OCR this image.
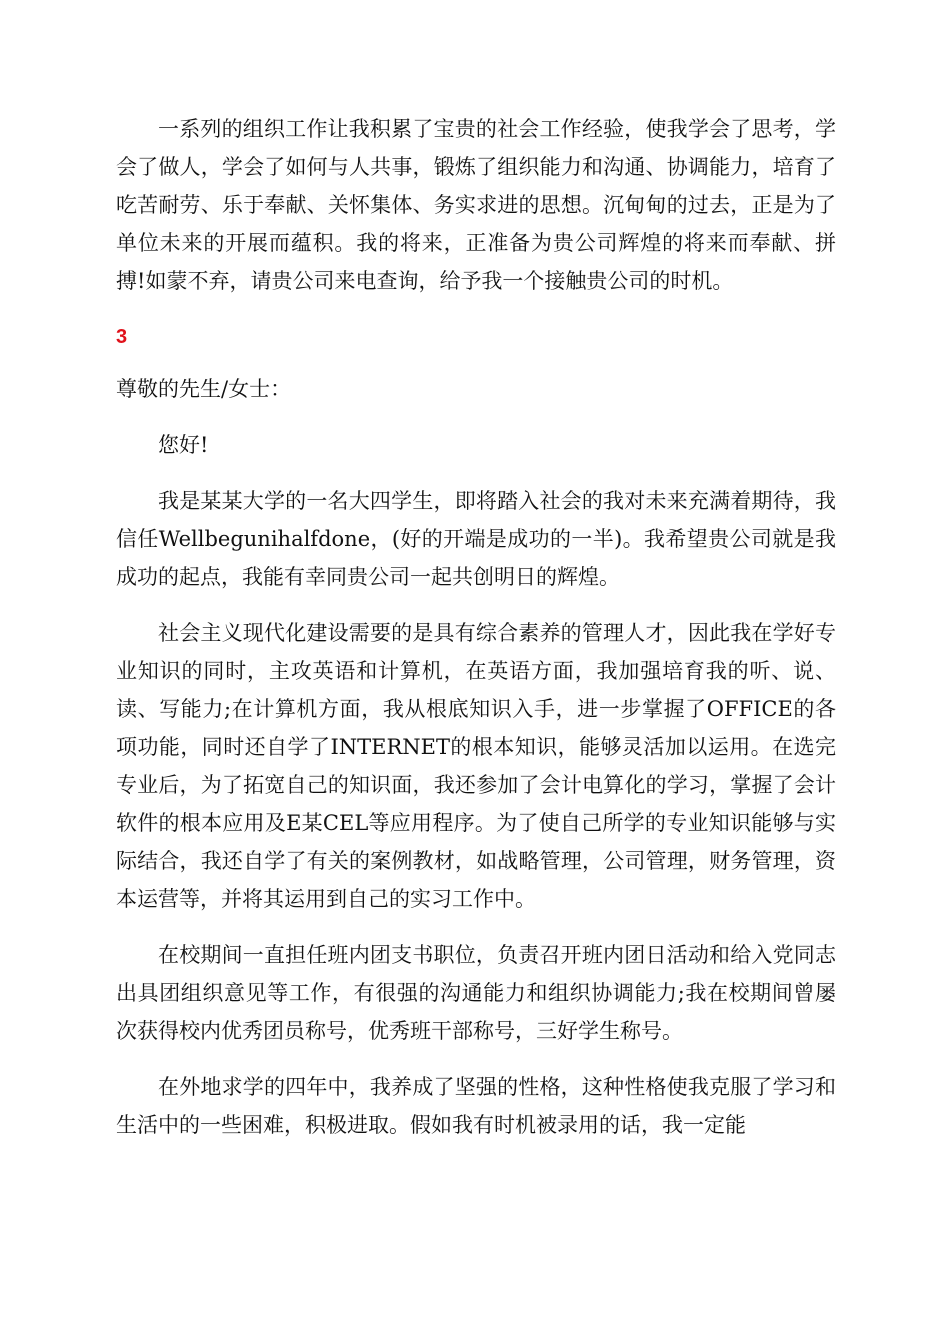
一系列的组织工作让我积累了宝贵的社会工作经验，使我学会了思考，学会了做人，学会了如何与人共事，锻炼了组织能力和沟通、协调能力，培育了吃苦耐劳、乐于奉献、关怀集体、务实求进的思想。沉甸甸的过去，正是为了单位未来的开展而蕴积。我的将来，正准备为贵公司辉煌的将来而奉献、拼搏!如蒙不弃，请贵公司来电查询，给予我一个接触贵公司的时机。

3

尊敬的先生/女士：

您好!

我是某某大学的一名大四学生，即将踏入社会的我对未来充满着期待，我信任Wellbegunihalfdone，(好的开端是成功的一半)。我希望贵公司就是我成功的起点，我能有幸同贵公司一起共创明日的辉煌。

社会主义现代化建设需要的是具有综合素养的管理人才，因此我在学好专业知识的同时，主攻英语和计算机，在英语方面，我加强培育我的听、说、读、写能力;在计算机方面，我从根底知识入手，进一步掌握了OFFICE的各项功能，同时还自学了INTERNET的根本知识，能够灵活加以运用。在选完专业后，为了拓宽自己的知识面，我还参加了会计电算化的学习，掌握了会计软件的根本应用及E某CEL等应用程序。为了使自己所学的专业知识能够与实际结合，我还自学了有关的案例教材，如战略管理，公司管理，财务管理，资本运营等，并将其运用到自己的实习工作中。

在校期间一直担任班内团支书职位，负责召开班内团日活动和给入党同志出具团组织意见等工作，有很强的沟通能力和组织协调能力;我在校期间曾屡次获得校内优秀团员称号，优秀班干部称号，三好学生称号。

在外地求学的四年中，我养成了坚强的性格，这种性格使我克服了学习和生活中的一些困难，积极进取。假如我有时机被录用的话，我一定能
